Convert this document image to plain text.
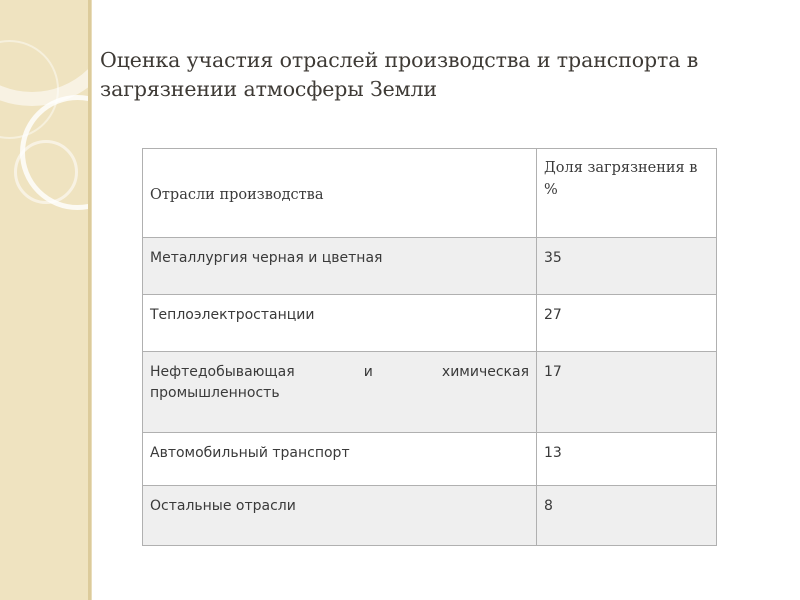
Оценка участия отраслей производства и транспорта в загрязнении атмосферы Земли
Отрасли производства	Доля загрязнения в %
Металлургия черная и цветная	35
Теплоэлектростанции	27
Нефтедобывающая и химическая промышленность	17
Автомобильный транспорт	13
Остальные отрасли	8
